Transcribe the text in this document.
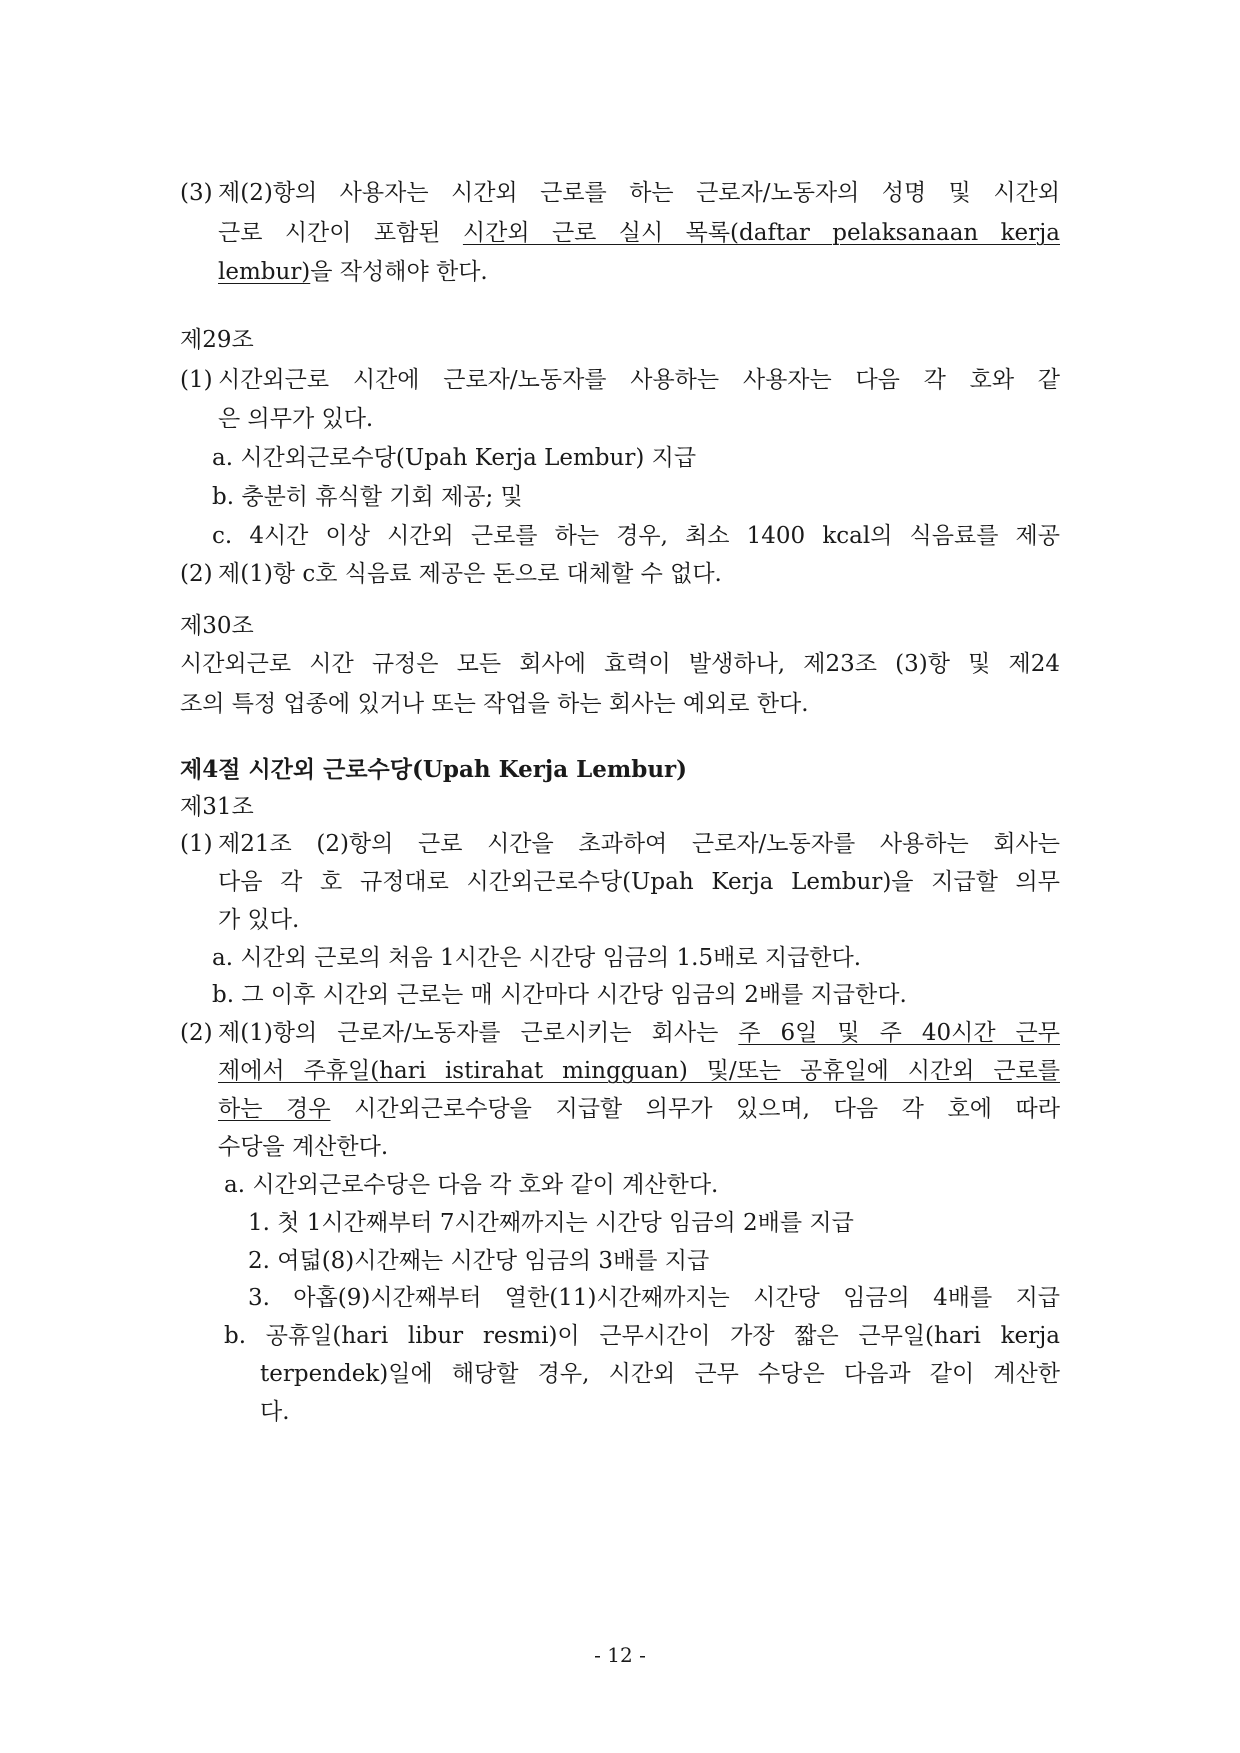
(3) 제(2)항의 사용자는 시간외 근로를 하는 근로자/노동자의 성명 및 시간외
근로 시간이 포함된 시간외 근로 실시 목록(daftar pelaksanaan kerja
lembur)을 작성해야 한다.
제29조
(1) 시간외근로 시간에 근로자/노동자를 사용하는 사용자는 다음 각 호와 같
은 의무가 있다.
a. 시간외근로수당(Upah Kerja Lembur) 지급
b. 충분히 휴식할 기회 제공; 및
c. 4시간 이상 시간외 근로를 하는 경우, 최소 1400 kcal의 식음료를 제공
(2) 제(1)항 c호 식음료 제공은 돈으로 대체할 수 없다.
제30조
시간외근로 시간 규정은 모든 회사에 효력이 발생하나, 제23조 (3)항 및 제24
조의 특정 업종에 있거나 또는 작업을 하는 회사는 예외로 한다.
제4절 시간외 근로수당(Upah Kerja Lembur)
제31조
(1) 제21조 (2)항의 근로 시간을 초과하여 근로자/노동자를 사용하는 회사는
다음 각 호 규정대로 시간외근로수당(Upah Kerja Lembur)을 지급할 의무
가 있다.
a. 시간외 근로의 처음 1시간은 시간당 임금의 1.5배로 지급한다.
b. 그 이후 시간외 근로는 매 시간마다 시간당 임금의 2배를 지급한다.
(2) 제(1)항의 근로자/노동자를 근로시키는 회사는 주 6일 및 주 40시간 근무
제에서 주휴일(hari istirahat mingguan) 및/또는 공휴일에 시간외 근로를
하는 경우 시간외근로수당을 지급할 의무가 있으며, 다음 각 호에 따라
수당을 계산한다.
a. 시간외근로수당은 다음 각 호와 같이 계산한다.
1. 첫 1시간째부터 7시간째까지는 시간당 임금의 2배를 지급
2. 여덟(8)시간째는 시간당 임금의 3배를 지급
3. 아홉(9)시간째부터 열한(11)시간째까지는 시간당 임금의 4배를 지급
b. 공휴일(hari libur resmi)이 근무시간이 가장 짧은 근무일(hari kerja
terpendek)일에 해당할 경우, 시간외 근무 수당은 다음과 같이 계산한
다.
- 12 -
